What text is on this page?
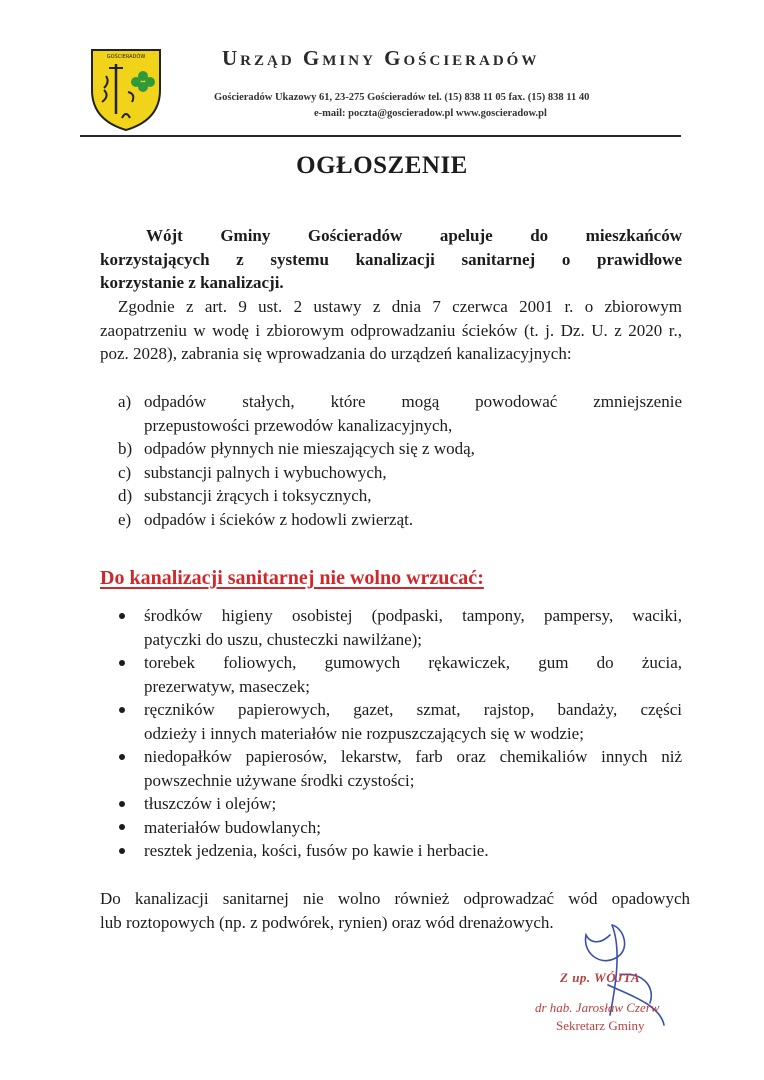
GOŚCIERADÓW	Urząd Gminy Gościeradów
Gościeradów Ukazowy 61, 23-275 Gościeradów tel. (15) 838 11 05 fax. (15) 838 11 40
e-mail: poczta@goscieradow.pl www.goscieradow.pl
OGŁOSZENIE
Wójt Gminy Gościeradów apeluje do mieszkańców
korzystających z systemu kanalizacji sanitarnej o prawidłowe
korzystanie z kanalizacji.
Zgodnie z art. 9 ust. 2 ustawy z dnia 7 czerwca 2001 r. o zbiorowym
zaopatrzeniu w wodę i zbiorowym odprowadzaniu ścieków (t. j. Dz. U. z 2020 r., poz. 2028), zabrania się wprowadzania do urządzeń kanalizacyjnych:
a) odpadów stałych, które mogą powodować zmniejszenie
przepustowości przewodów kanalizacyjnych,
b) odpadów płynnych nie mieszających się z wodą,
c) substancji palnych i wybuchowych,
d) substancji żrących i toksycznych,
e) odpadów i ścieków z hodowli zwierząt.
Do kanalizacji sanitarnej nie wolno wrzucać:
środków higieny osobistej (podpaski, tampony, pampersy, waciki,
patyczki do uszu, chusteczki nawilżane);
torebek foliowych, gumowych rękawiczek, gum do żucia,
prezerwatyw, maseczek;
ręczników papierowych, gazet, szmat, rajstop, bandaży, części
odzieży i innych materiałów nie rozpuszczających się w wodzie;
niedopałków papierosów, lekarstw, farb oraz chemikaliów innych niż
powszechnie używane środki czystości;
tłuszczów i olejów;
materiałów budowlanych;
resztek jedzenia, kości, fusów po kawie i herbacie.
Do kanalizacji sanitarnej nie wolno również odprowadzać wód opadowych
lub roztopowych (np. z podwórek, rynien) oraz wód drenażowych.
Z up. WÓJTA
dr hab. Jarosław Czerw
Sekretarz Gminy
